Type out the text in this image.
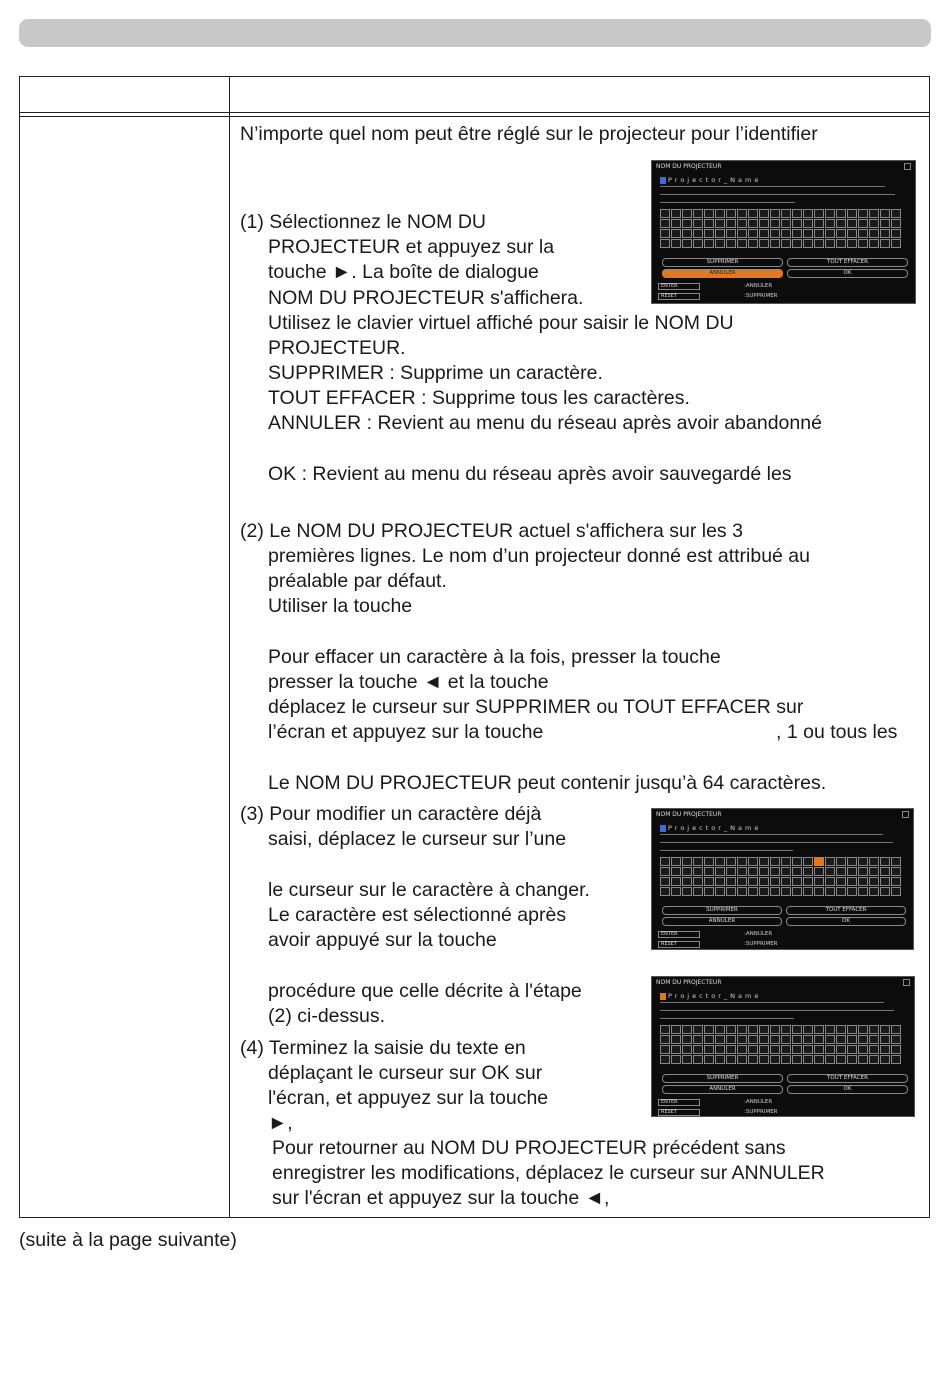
N’importe quel nom peut être réglé sur le projecteur pour l’identifier
(1) Sélectionnez le NOM DU
PROJECTEUR et appuyez sur la
touche ►. La boîte de dialogue
NOM DU PROJECTEUR s'affichera.
Utilisez le clavier virtuel affiché pour saisir le NOM DU
PROJECTEUR.
SUPPRIMER : Supprime un caractère.
TOUT EFFACER : Supprime tous les caractères.
ANNULER : Revient au menu du réseau après avoir abandonné
OK : Revient au menu du réseau après avoir sauvegardé les
(2) Le NOM DU PROJECTEUR actuel s'affichera sur les 3
premières lignes. Le nom d’un projecteur donné est attribué au
préalable par défaut.
Utiliser la touche
Pour effacer un caractère à la fois, presser la touche
presser la touche ◄ et la touche
déplacez le curseur sur SUPPRIMER ou TOUT EFFACER sur
l’écran et appuyez sur la touche	, 1 ou tous les
Le NOM DU PROJECTEUR peut contenir jusqu’à 64 caractères.
(3) Pour modifier un caractère déjà
saisi, déplacez le curseur sur l’une
le curseur sur le caractère à changer.
Le caractère est sélectionné après
avoir appuyé sur la touche
procédure que celle décrite à l'étape
(2) ci-dessus.
(4) Terminez la saisie du texte en
déplaçant le curseur sur OK sur
l'écran, et appuyez sur la touche
►,
Pour retourner au NOM DU PROJECTEUR précédent sans
enregistrer les modifications, déplacez le curseur sur ANNULER
sur l'écran et appuyez sur la touche ◄,
NOM DU PROJECTEUR
Projector_Name
SUPPRIMER	TOUT EFFACER
ANNULER	OK
ENTER
RESET
:ANNULER
:SUPPRIMER
NOM DU PROJECTEUR
Projector_Name
SUPPRIMER	TOUT EFFACER
ANNULER	OK
ENTER
RESET
:ANNULER
:SUPPRIMER
NOM DU PROJECTEUR
Projector_Name
SUPPRIMER	TOUT EFFACER
ANNULER	OK
ENTER
RESET
:ANNULER
:SUPPRIMER
(suite à la page suivante)
